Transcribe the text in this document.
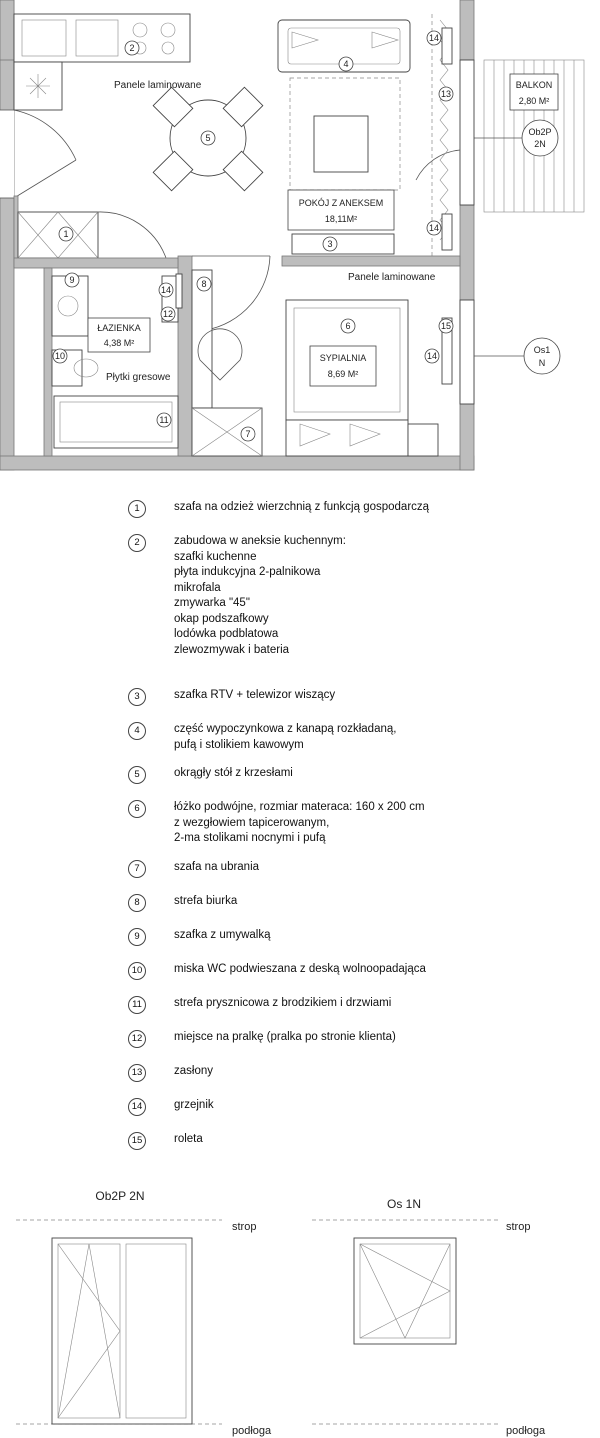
BALKON
2,80 M²
Ob2P
2N
Panele laminowane
POKÓJ Z ANEKSEM
18,11M²
ŁAZIENKA
4,38 M²
Płytki gresowe
Panele laminowane
SYPIALNIA
8,69 M²
Os1
N
1
2
3
4
5
6
7
8
9
10
11
12
13
14
14
14
14
15
1	szafa na odzież wierzchnią z funkcją gospodarczą
2	zabudowa w aneksie kuchennym:
szafki kuchenne
płyta indukcyjna 2-palnikowa
mikrofala
zmywarka "45"
okap podszafkowy
lodówka podblatowa
zlewozmywak i bateria
3	szafka RTV + telewizor wiszący
4	część wypoczynkowa z kanapą rozkładaną,
pufą i stolikiem kawowym
5	okrągły stół z krzesłami
6	łóżko podwójne, rozmiar materaca: 160 x 200 cm
z wezgłowiem tapicerowanym,
2-ma stolikami nocnymi i pufą
7	szafa na ubrania
8	strefa biurka
9	szafka z umywalką
10	miska WC podwieszana z deską wolnoopadająca
11	strefa prysznicowa z brodzikiem i drzwiami
12	miejsce na pralkę (pralka po stronie klienta)
13	zasłony
14	grzejnik
15	roleta
Ob2P 2N
strop
podłoga
Os 1N
strop
podłoga
